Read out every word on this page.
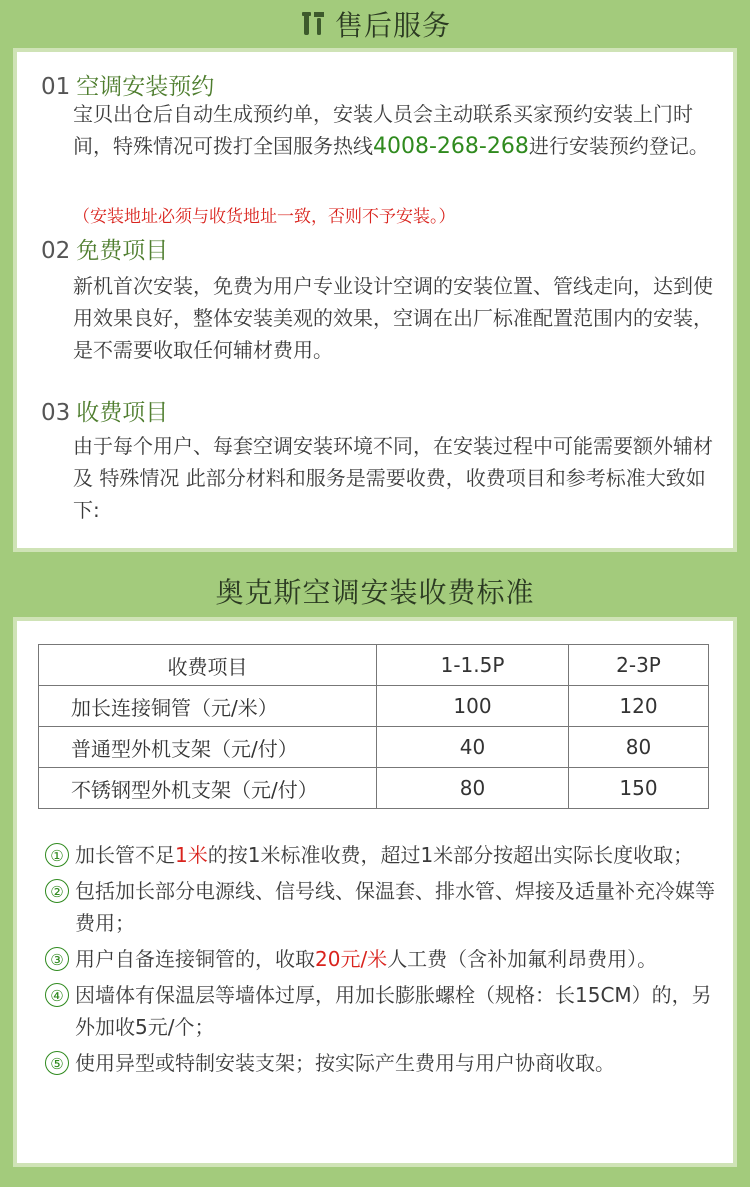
售后服务
01 空调安装预约
宝贝出仓后自动生成预约单，安装人员会主动联系买家预约安装上门时间，特殊情况可拨打全国服务热线4008-268-268进行安装预约登记。
（安装地址必须与收货地址一致，否则不予安装。）
02 免费项目
新机首次安装，免费为用户专业设计空调的安装位置、管线走向，达到使用效果良好，整体安装美观的效果，空调在出厂标准配置范围内的安装，是不需要收取任何辅材费用。
03 收费项目
由于每个用户、每套空调安装环境不同，在安装过程中可能需要额外辅材及 特殊情况 此部分材料和服务是需要收费，收费项目和参考标准大致如下:
奥克斯空调安装收费标准
收费项目	1-1.5P	2-3P
加长连接铜管（元/米）	100	120
普通型外机支架（元/付）	40	80
不锈钢型外机支架（元/付）	80	150
① 加长管不足1米的按1米标准收费，超过1米部分按超出实际长度收取；
② 包括加长部分电源线、信号线、保温套、排水管、焊接及适量补充冷媒等费用；
③ 用户自备连接铜管的，收取20元/米人工费（含补加氟利昂费用）。
④ 因墙体有保温层等墙体过厚，用加长膨胀螺栓（规格：长15CM）的，另外加收5元/个；
⑤ 使用异型或特制安装支架；按实际产生费用与用户协商收取。
